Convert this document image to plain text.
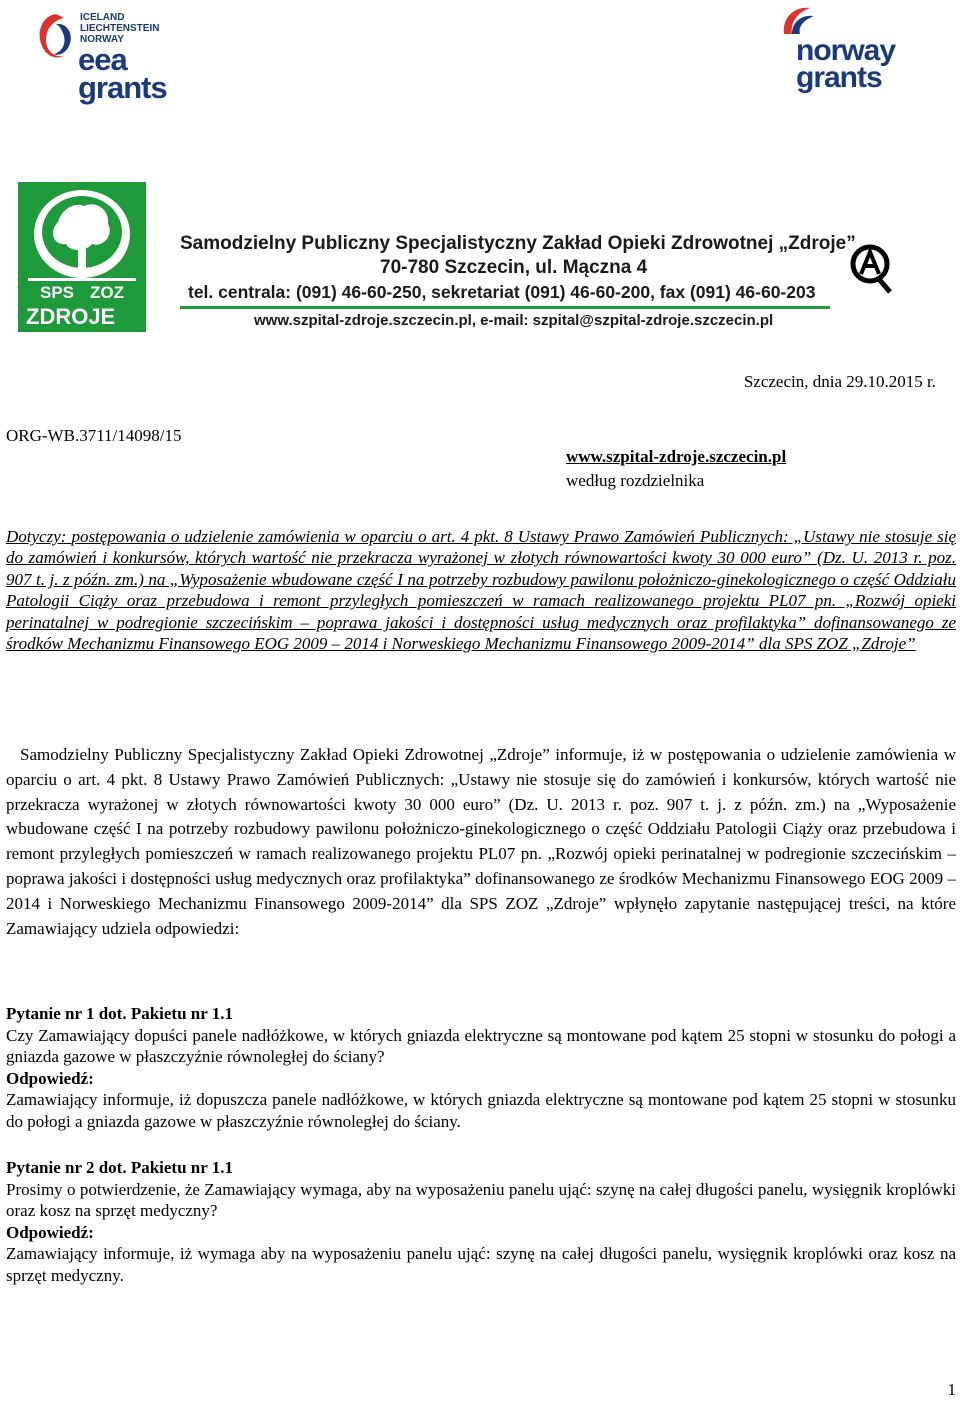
ICELAND
LIECHTENSTEIN
NORWAY
eea
grants
norway
grants
SPS ZOZ
ZDROJE
Samodzielny Publiczny Specjalistyczny Zakład Opieki Zdrowotnej „Zdroje”
70-780 Szczecin, ul. Mączna 4
tel. centrala: (091) 46-60-250, sekretariat (091) 46-60-200, fax (091) 46-60-203
www.szpital-zdroje.szczecin.pl, e-mail: szpital@szpital-zdroje.szczecin.pl
Szczecin, dnia 29.10.2015 r.
ORG-WB.3711/14098/15
www.szpital-zdroje.szczecin.pl
według rozdzielnika
Dotyczy: postępowania o udzielenie zamówienia w oparciu o art. 4 pkt. 8 Ustawy Prawo Zamówień Publicznych: „Ustawy nie stosuje się do zamówień i konkursów, których wartość nie przekracza wyrażonej w złotych równowartości kwoty 30 000 euro” (Dz. U. 2013 r. poz. 907 t. j. z późn. zm.) na „Wyposażenie wbudowane część I na potrzeby rozbudowy pawilonu położniczo-ginekologicznego o część Oddziału Patologii Ciąży oraz przebudowa i remont przyległych pomieszczeń w ramach realizowanego projektu PL07 pn. „Rozwój opieki perinatalnej w podregionie szczecińskim – poprawa jakości i dostępności usług medycznych oraz profilaktyka” dofinansowanego ze środków Mechanizmu Finansowego EOG 2009 – 2014 i Norweskiego Mechanizmu Finansowego 2009-2014” dla SPS ZOZ „Zdroje”
Samodzielny Publiczny Specjalistyczny Zakład Opieki Zdrowotnej „Zdroje” informuje, iż w postępowania o udzielenie zamówienia w oparciu o art. 4 pkt. 8 Ustawy Prawo Zamówień Publicznych: „Ustawy nie stosuje się do zamówień i konkursów, których wartość nie przekracza wyrażonej w złotych równowartości kwoty 30 000 euro” (Dz. U. 2013 r. poz. 907 t. j. z późn. zm.) na „Wyposażenie wbudowane część I na potrzeby rozbudowy pawilonu położniczo-ginekologicznego o część Oddziału Patologii Ciąży oraz przebudowa i remont przyległych pomieszczeń w ramach realizowanego projektu PL07 pn. „Rozwój opieki perinatalnej w podregionie szczecińskim – poprawa jakości i dostępności usług medycznych oraz profilaktyka” dofinansowanego ze środków Mechanizmu Finansowego EOG 2009 – 2014 i Norweskiego Mechanizmu Finansowego 2009-2014” dla SPS ZOZ „Zdroje” wpłynęło zapytanie następującej treści, na które Zamawiający udziela odpowiedzi:
Pytanie nr 1 dot. Pakietu nr 1.1
Czy Zamawiający dopuści panele nadłóżkowe, w których gniazda elektryczne są montowane pod kątem 25 stopni w stosunku do połogi a gniazda gazowe w płaszczyźnie równoległej do ściany?
Odpowiedź:
Zamawiający informuje, iż dopuszcza panele nadłóżkowe, w których gniazda elektryczne są montowane pod kątem 25 stopni w stosunku do połogi a gniazda gazowe w płaszczyźnie równoległej do ściany.
Pytanie nr 2 dot. Pakietu nr 1.1
Prosimy o potwierdzenie, że Zamawiający wymaga, aby na wyposażeniu panelu ująć: szynę na całej długości panelu, wysięgnik kroplówki oraz kosz na sprzęt medyczny?
Odpowiedź:
Zamawiający informuje, iż wymaga aby na wyposażeniu panelu ująć: szynę na całej długości panelu, wysięgnik kroplówki oraz kosz na sprzęt medyczny.
1
